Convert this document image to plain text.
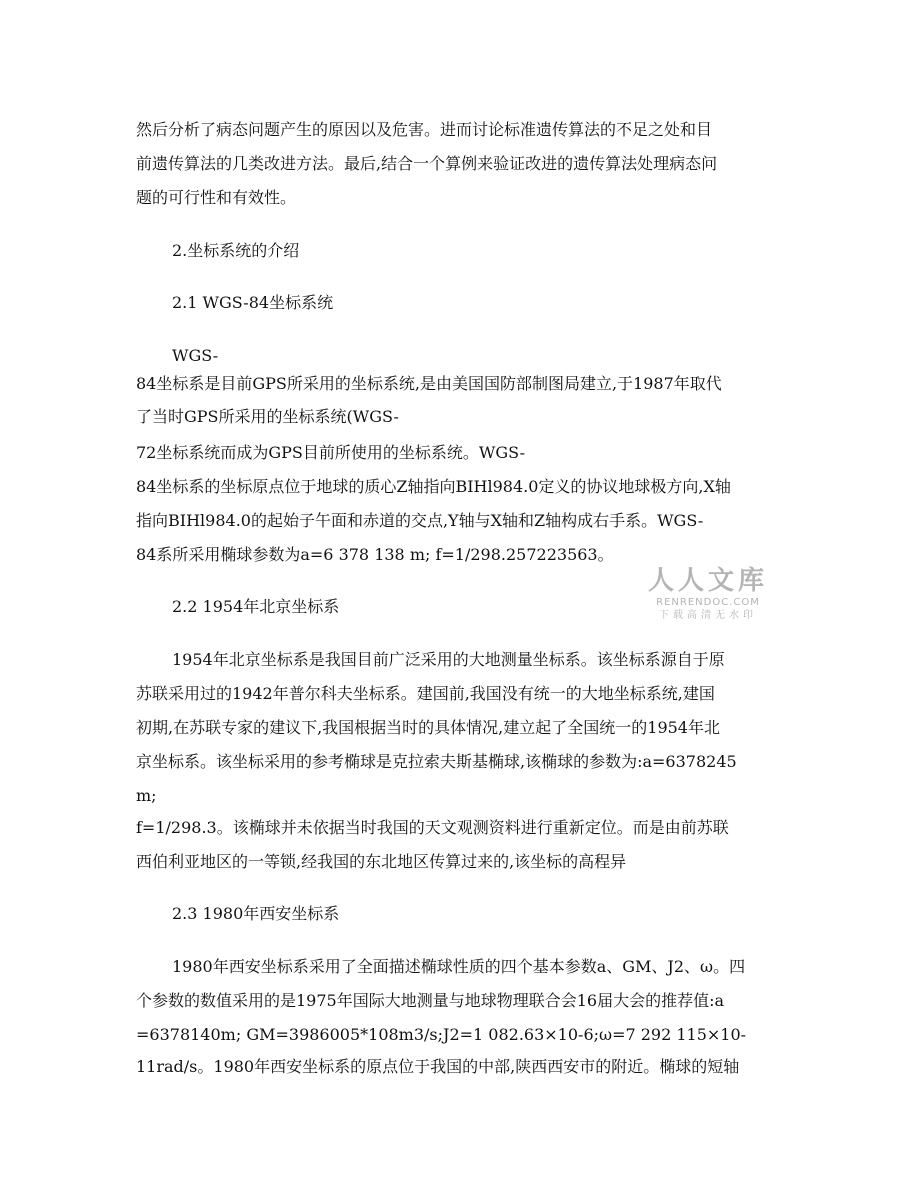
然后分析了病态问题产生的原因以及危害。进而讨论标准遗传算法的不足之处和目

前遗传算法的几类改进方法。最后,结合一个算例来验证改进的遗传算法处理病态问

题的可行性和有效性。

2.坐标系统的介绍

2.1 WGS-84坐标系统

WGS-

84坐标系是目前GPS所采用的坐标系统,是由美国国防部制图局建立,于1987年取代

了当时GPS所采用的坐标系统(WGS-

72坐标系统而成为GPS目前所使用的坐标系统。WGS-

84坐标系的坐标原点位于地球的质心Z轴指向BIHl984.0定义的协议地球极方向,X轴

指向BIHl984.0的起始子午面和赤道的交点,Y轴与X轴和Z轴构成右手系。WGS-

84系所采用椭球参数为a=6 378 138 m; f=1/298.257223563。

2.2 1954年北京坐标系

1954年北京坐标系是我国目前广泛采用的大地测量坐标系。该坐标系源自于原

苏联采用过的1942年普尔科夫坐标系。建国前,我国没有统一的大地坐标系统,建国

初期,在苏联专家的建议下,我国根据当时的具体情况,建立起了全国统一的1954年北

京坐标系。该坐标采用的参考椭球是克拉索夫斯基椭球,该椭球的参数为:a=6378245

m;

f=1/298.3。该椭球并未依据当时我国的天文观测资料进行重新定位。而是由前苏联

西伯利亚地区的一等锁,经我国的东北地区传算过来的,该坐标的高程异

2.3 1980年西安坐标系

1980年西安坐标系采用了全面描述椭球性质的四个基本参数a、GM、J2、ω。四

个参数的数值采用的是1975年国际大地测量与地球物理联合会16届大会的推荐值:a

=6378140m; GM=3986005*108m3/s;J2=1 082.63×10-6;ω=7 292 115×10-

11rad/s。1980年西安坐标系的原点位于我国的中部,陕西西安市的附近。椭球的短轴

人人文库
RENRENDOC.COM
下载高清无水印
